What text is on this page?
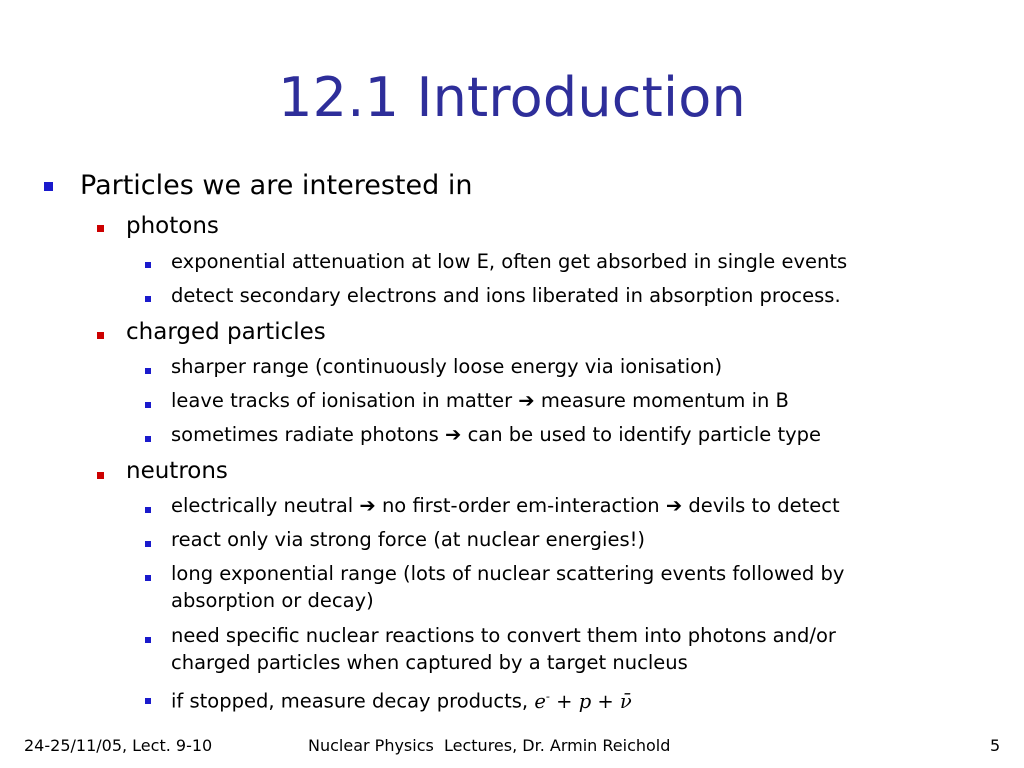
12.1 Introduction
Particles we are interested in
photons
exponential attenuation at low E, often get absorbed in single events
detect secondary electrons and ions liberated in absorption process.
charged particles
sharper range (continuously loose energy via ionisation)
leave tracks of ionisation in matter ➔ measure momentum in B
sometimes radiate photons ➔ can be used to identify particle type
neutrons
electrically neutral ➔ no first-order em-interaction ➔ devils to detect
react only via strong force (at nuclear energies!)
long exponential range (lots of nuclear scattering events followed by
absorption or decay)
need specific nuclear reactions to convert them into photons and/or
charged particles when captured by a target nucleus
if stopped, measure decay products, e- + p + ν̄
24-25/11/05, Lect. 9-10	Nuclear Physics  Lectures, Dr. Armin Reichold	5
